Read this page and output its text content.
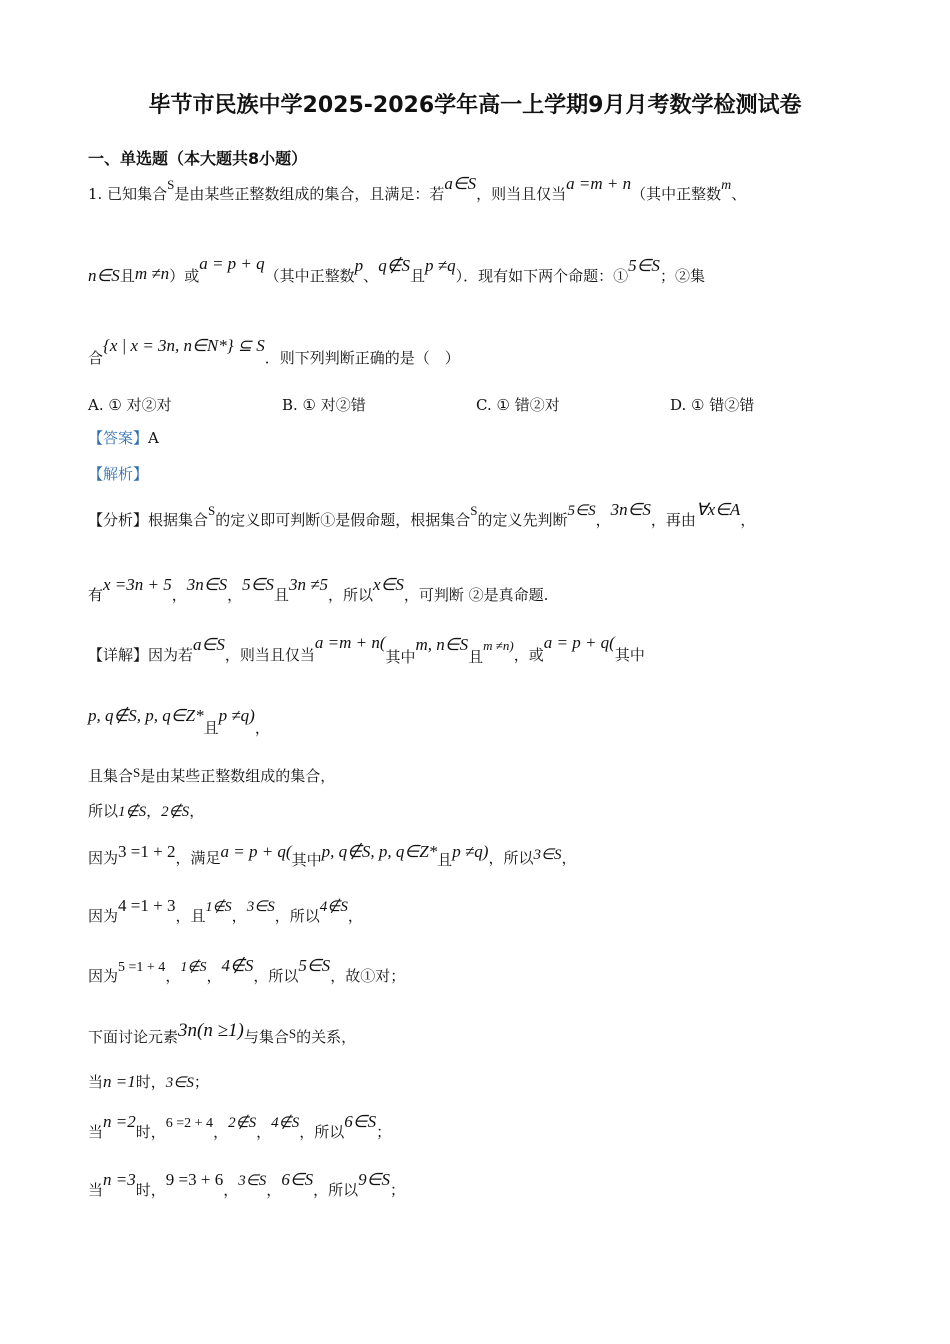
毕节市民族中学2025-2026学年高一上学期9月月考数学检测试卷
一、单选题（本大题共8小题）
1. 已知集合S是由某些正整数组成的集合，且满足：若a∈S，则当且仅当a =m + n（其中正整数m、
n∈S且m ≠n）或a = p + q（其中正整数p、q∉S且p ≠q）．现有如下两个命题：①5∈S；②集
合{x | x = 3n, n∈N*} ⊆ S．则下列判断正确的是（　）
A. ① 对②对	B. ① 对②错	C. ① 错②对	D. ① 错②错
【答案】A
【解析】
【分析】根据集合S的定义即可判断①是假命题，根据集合S的定义先判断5∈S，3n∈S，再由∀x∈A，
有x =3n + 5，3n∈S，5∈S且3n ≠5，所以x∈S，可判断 ②是真命题.
【详解】因为若a∈S，则当且仅当a =m + n(其中m, n∈S且m ≠n)，或a = p + q(其中
p, q∉S, p, q∈Z*且p ≠q)，
且集合S是由某些正整数组成的集合，
所以1∉S，2∉S，
因为3 =1 + 2，满足a = p + q(其中p, q∉S, p, q∈Z*且p ≠q)，所以3∈S，
因为4 =1 + 3，且1∉S，3∈S，所以4∉S，
因为5 =1 + 4，1∉S，4∉S，所以5∈S，故①对；
下面讨论元素3n(n ≥1)与集合S的关系，
当n =1时，3∈S；
当n =2时，6 =2 + 4，2∉S，4∉S，所以6∈S；
当n =3时，9 =3 + 6，3∈S，6∈S，所以9∈S；
